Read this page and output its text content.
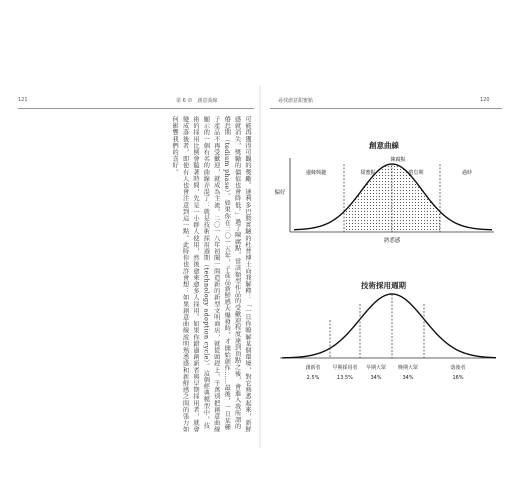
121	第 6 章　創意曲線
可能再獲得可觀的獎勵。達利多巴胺實驗的杜普博士向我解釋：「一旦你瞭解某個環境，對它熟悉起來，新鮮感就消失，獎勵的價值也會降低。」過了陳腐點，當該類型作品的受歡迎程度達到頂點之後，會進入我所謂的倦怠期（tedium phase）。如果你在二〇一五年，子產品新鮮感大爆發時，才開始創作……最後，一旦某種子產品不再受歡迎，就成為主流。二〇一八年初聞一間造新的新型文明商店，就從頭趕上。千萬別把創意曲線顯示的一個有名的曲線弄混了：就是技術採用週期（technology adoption cycle）。這個經典模型中，技術的採用比例會隨著時間，先是一小群人使用，然後愈來愈多人採用。如果你錯過創新者與早期採用者，就會變成落後者，即使有人也會注意到這一點。此時你也許會想：如果創意曲線說明熟悉感和新鮮感之間的張力如何影響我們的喜好。
尋找創意甜蜜點	120
創意曲線
邊緣興趣	甜蜜點
陳腐點
倦怠期	過時
偏好
熟悉感
技術採用週期
創新者 早期採用者 早期大眾 晚期大眾	落後者
2.5%	13.5%	34%	34%	16%
